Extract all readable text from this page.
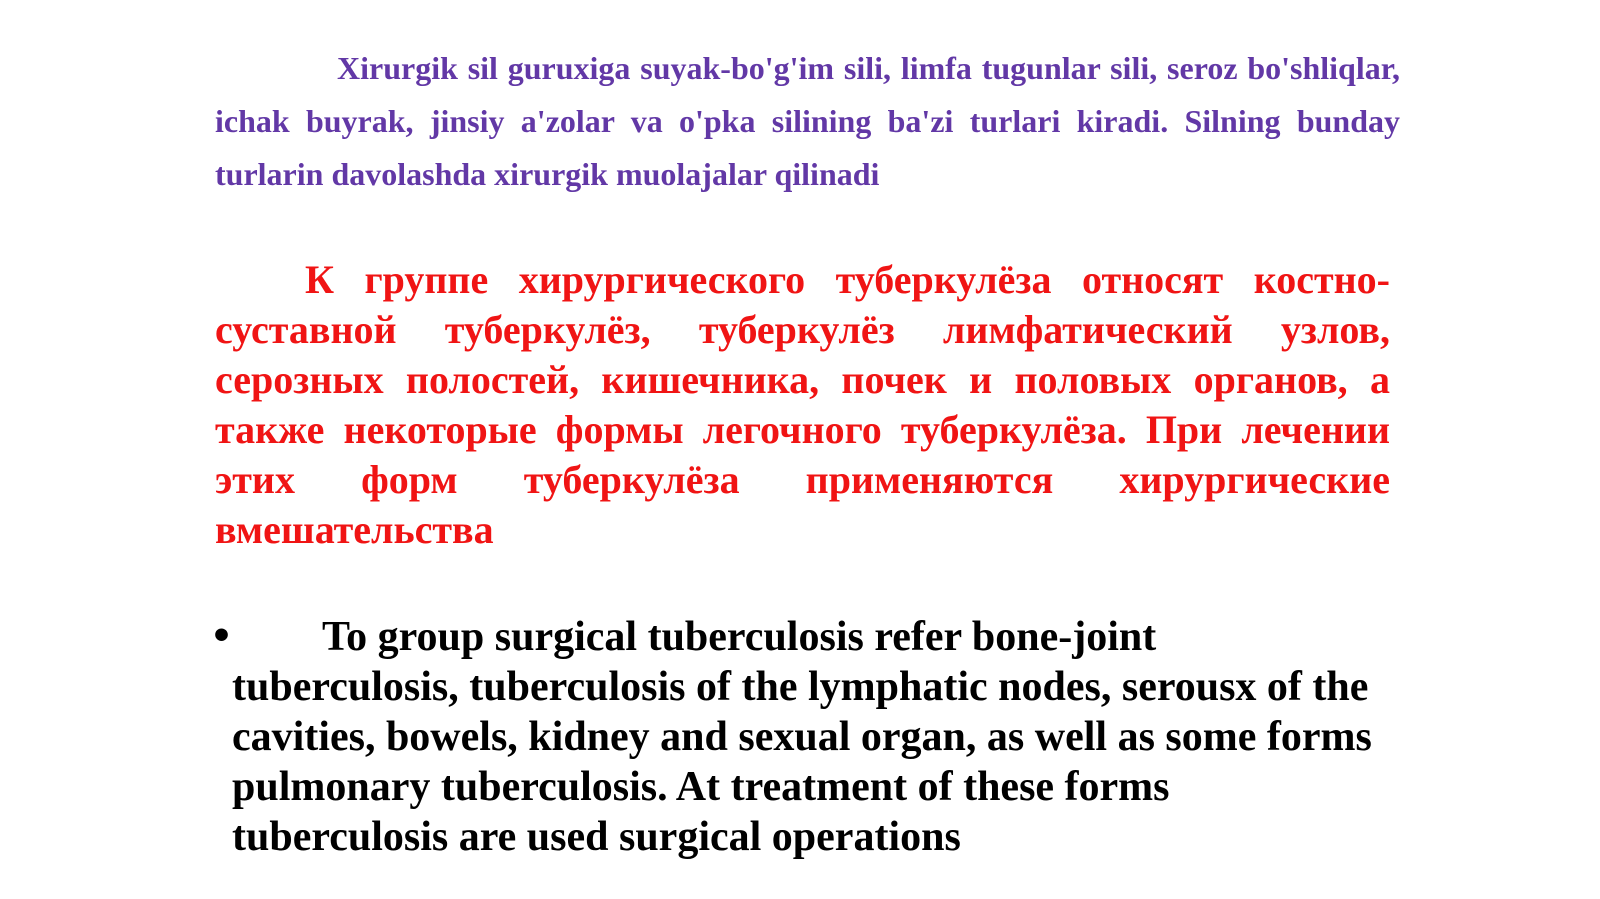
Xirurgik sil guruxiga suyak-bo'g'im sili, limfa tugunlar sili, seroz bo'shliqlar, ichak buyrak, jinsiy a'zolar va o'pka silining ba'zi turlari kiradi. Silning bunday turlarin davolashda xirurgik muolajalar qilinadi

К группе хирургического туберкулёза относят костно-суставной туберкулёз, туберкулёз лимфатический узлов, серозных полостей, кишечника, почек и половых органов, а также некоторые формы легочного туберкулёза. При лечении этих форм туберкулёза применяются хирургические вмешательства

•	To group surgical tuberculosis refer bone-joint tuberculosis, tuberculosis of the lymphatic nodes, serousx of the cavities, bowels, kidney and sexual organ, as well as some forms pulmonary tuberculosis. At treatment of these forms tuberculosis are used surgical operations
